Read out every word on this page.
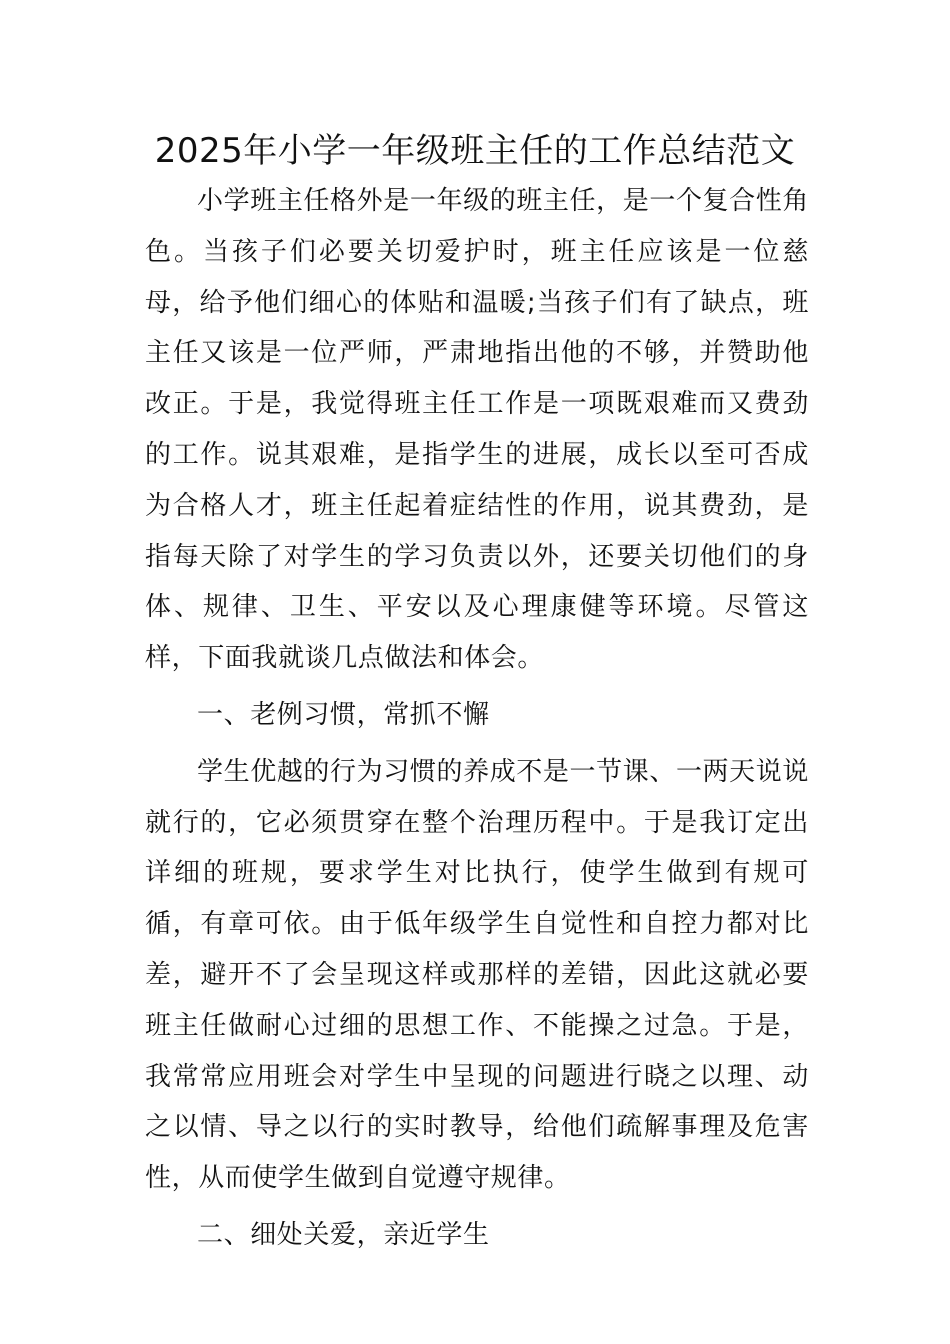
2025年小学一年级班主任的工作总结范文

小学班主任格外是一年级的班主任，是一个复合性角色。当孩子们必要关切爱护时，班主任应该是一位慈母，给予他们细心的体贴和温暖;当孩子们有了缺点，班主任又该是一位严师，严肃地指出他的不够，并赞助他改正。于是，我觉得班主任工作是一项既艰难而又费劲的工作。说其艰难，是指学生的进展，成长以至可否成为合格人才，班主任起着症结性的作用，说其费劲，是指每天除了对学生的学习负责以外，还要关切他们的身体、规律、卫生、平安以及心理康健等环境。尽管这样，下面我就谈几点做法和体会。

一、老例习惯，常抓不懈

学生优越的行为习惯的养成不是一节课、一两天说说就行的，它必须贯穿在整个治理历程中。于是我订定出详细的班规，要求学生对比执行，使学生做到有规可循，有章可依。由于低年级学生自觉性和自控力都对比差，避开不了会呈现这样或那样的差错，因此这就必要班主任做耐心过细的思想工作、不能操之过急。于是，我常常应用班会对学生中呈现的问题进行晓之以理、动之以情、导之以行的实时教导，给他们疏解事理及危害性，从而使学生做到自觉遵守规律。

二、细处关爱，亲近学生
